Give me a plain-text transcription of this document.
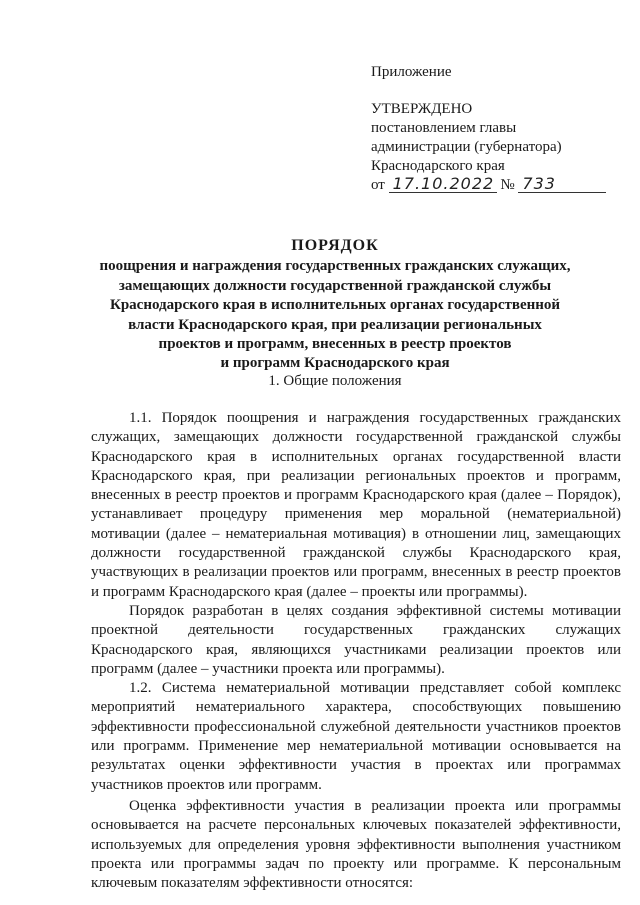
Приложение
УТВЕРЖДЕНО
постановлением главы
администрации (губернатора)
Краснодарского края
от 17.10.2022 № 733
ПОРЯДОК
поощрения и награждения государственных гражданских служащих,
замещающих должности государственной гражданской службы
Краснодарского края в исполнительных органах государственной
власти Краснодарского края, при реализации региональных
проектов и программ, внесенных в реестр проектов
и программ Краснодарского края
1. Общие положения

1.1. Порядок поощрения и награждения государственных гражданских служащих, замещающих должности государственной гражданской службы Краснодарского края в исполнительных органах государственной власти Краснодарского края, при реализации региональных проектов и программ, внесенных в реестр проектов и программ Краснодарского края (далее – Порядок), устанавливает процедуру применения мер моральной (нематериальной) мотивации (далее – нематериальная мотивация) в отношении лиц, замещающих должности государственной гражданской службы Краснодарского края, участвующих в реализации проектов или программ, внесенных в реестр проектов и программ Краснодарского края (далее – проекты или программы).

Порядок разработан в целях создания эффективной системы мотивации проектной деятельности государственных гражданских служащих Краснодарского края, являющихся участниками реализации проектов или программ (далее – участники проекта или программы).

1.2. Система нематериальной мотивации представляет собой комплекс мероприятий нематериального характера, способствующих повышению эффективности профессиональной служебной деятельности участников проектов или программ. Применение мер нематериальной мотивации основывается на результатах оценки эффективности участия в проектах или программах участников проектов или программ.

Оценка эффективности участия в реализации проекта или программы основывается на расчете персональных ключевых показателей эффективности, используемых для определения уровня эффективности выполнения участником проекта или программы задач по проекту или программе. К персональным ключевым показателям эффективности относятся:
